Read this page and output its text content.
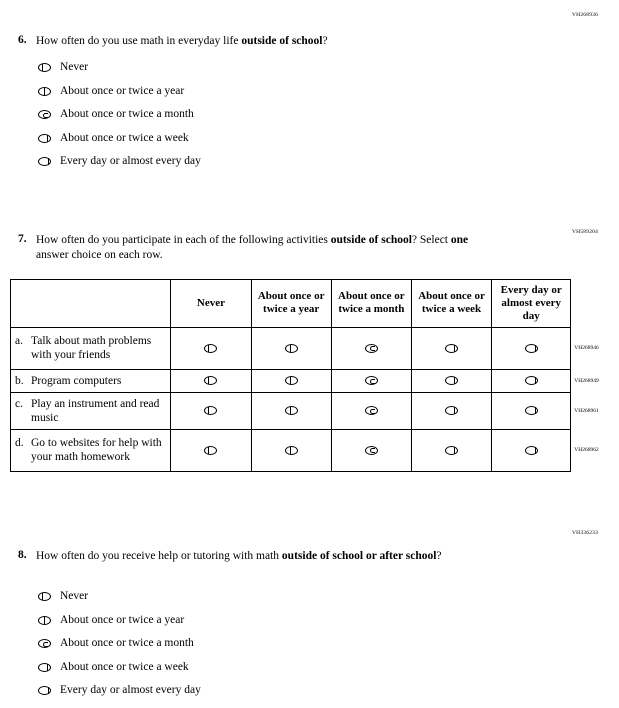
VH268936
6. How often do you use math in everyday life outside of school?
Never
About once or twice a year
About once or twice a month
About once or twice a week
Every day or almost every day
VH589204
7. How often do you participate in each of the following activities outside of school? Select one answer choice on each row.
	Never	About once or twice a year	About once or twice a month	About once or twice a week	Every day or almost every day	

a. Talk about math problems with your friends						VH268946

b. Program computers						VH268949

c. Play an instrument and read music						VH268961

d. Go to websites for help with your math homework						VH268962
VH336233
8. How often do you receive help or tutoring with math outside of school or after school?
Never
About once or twice a year
About once or twice a month
About once or twice a week
Every day or almost every day
